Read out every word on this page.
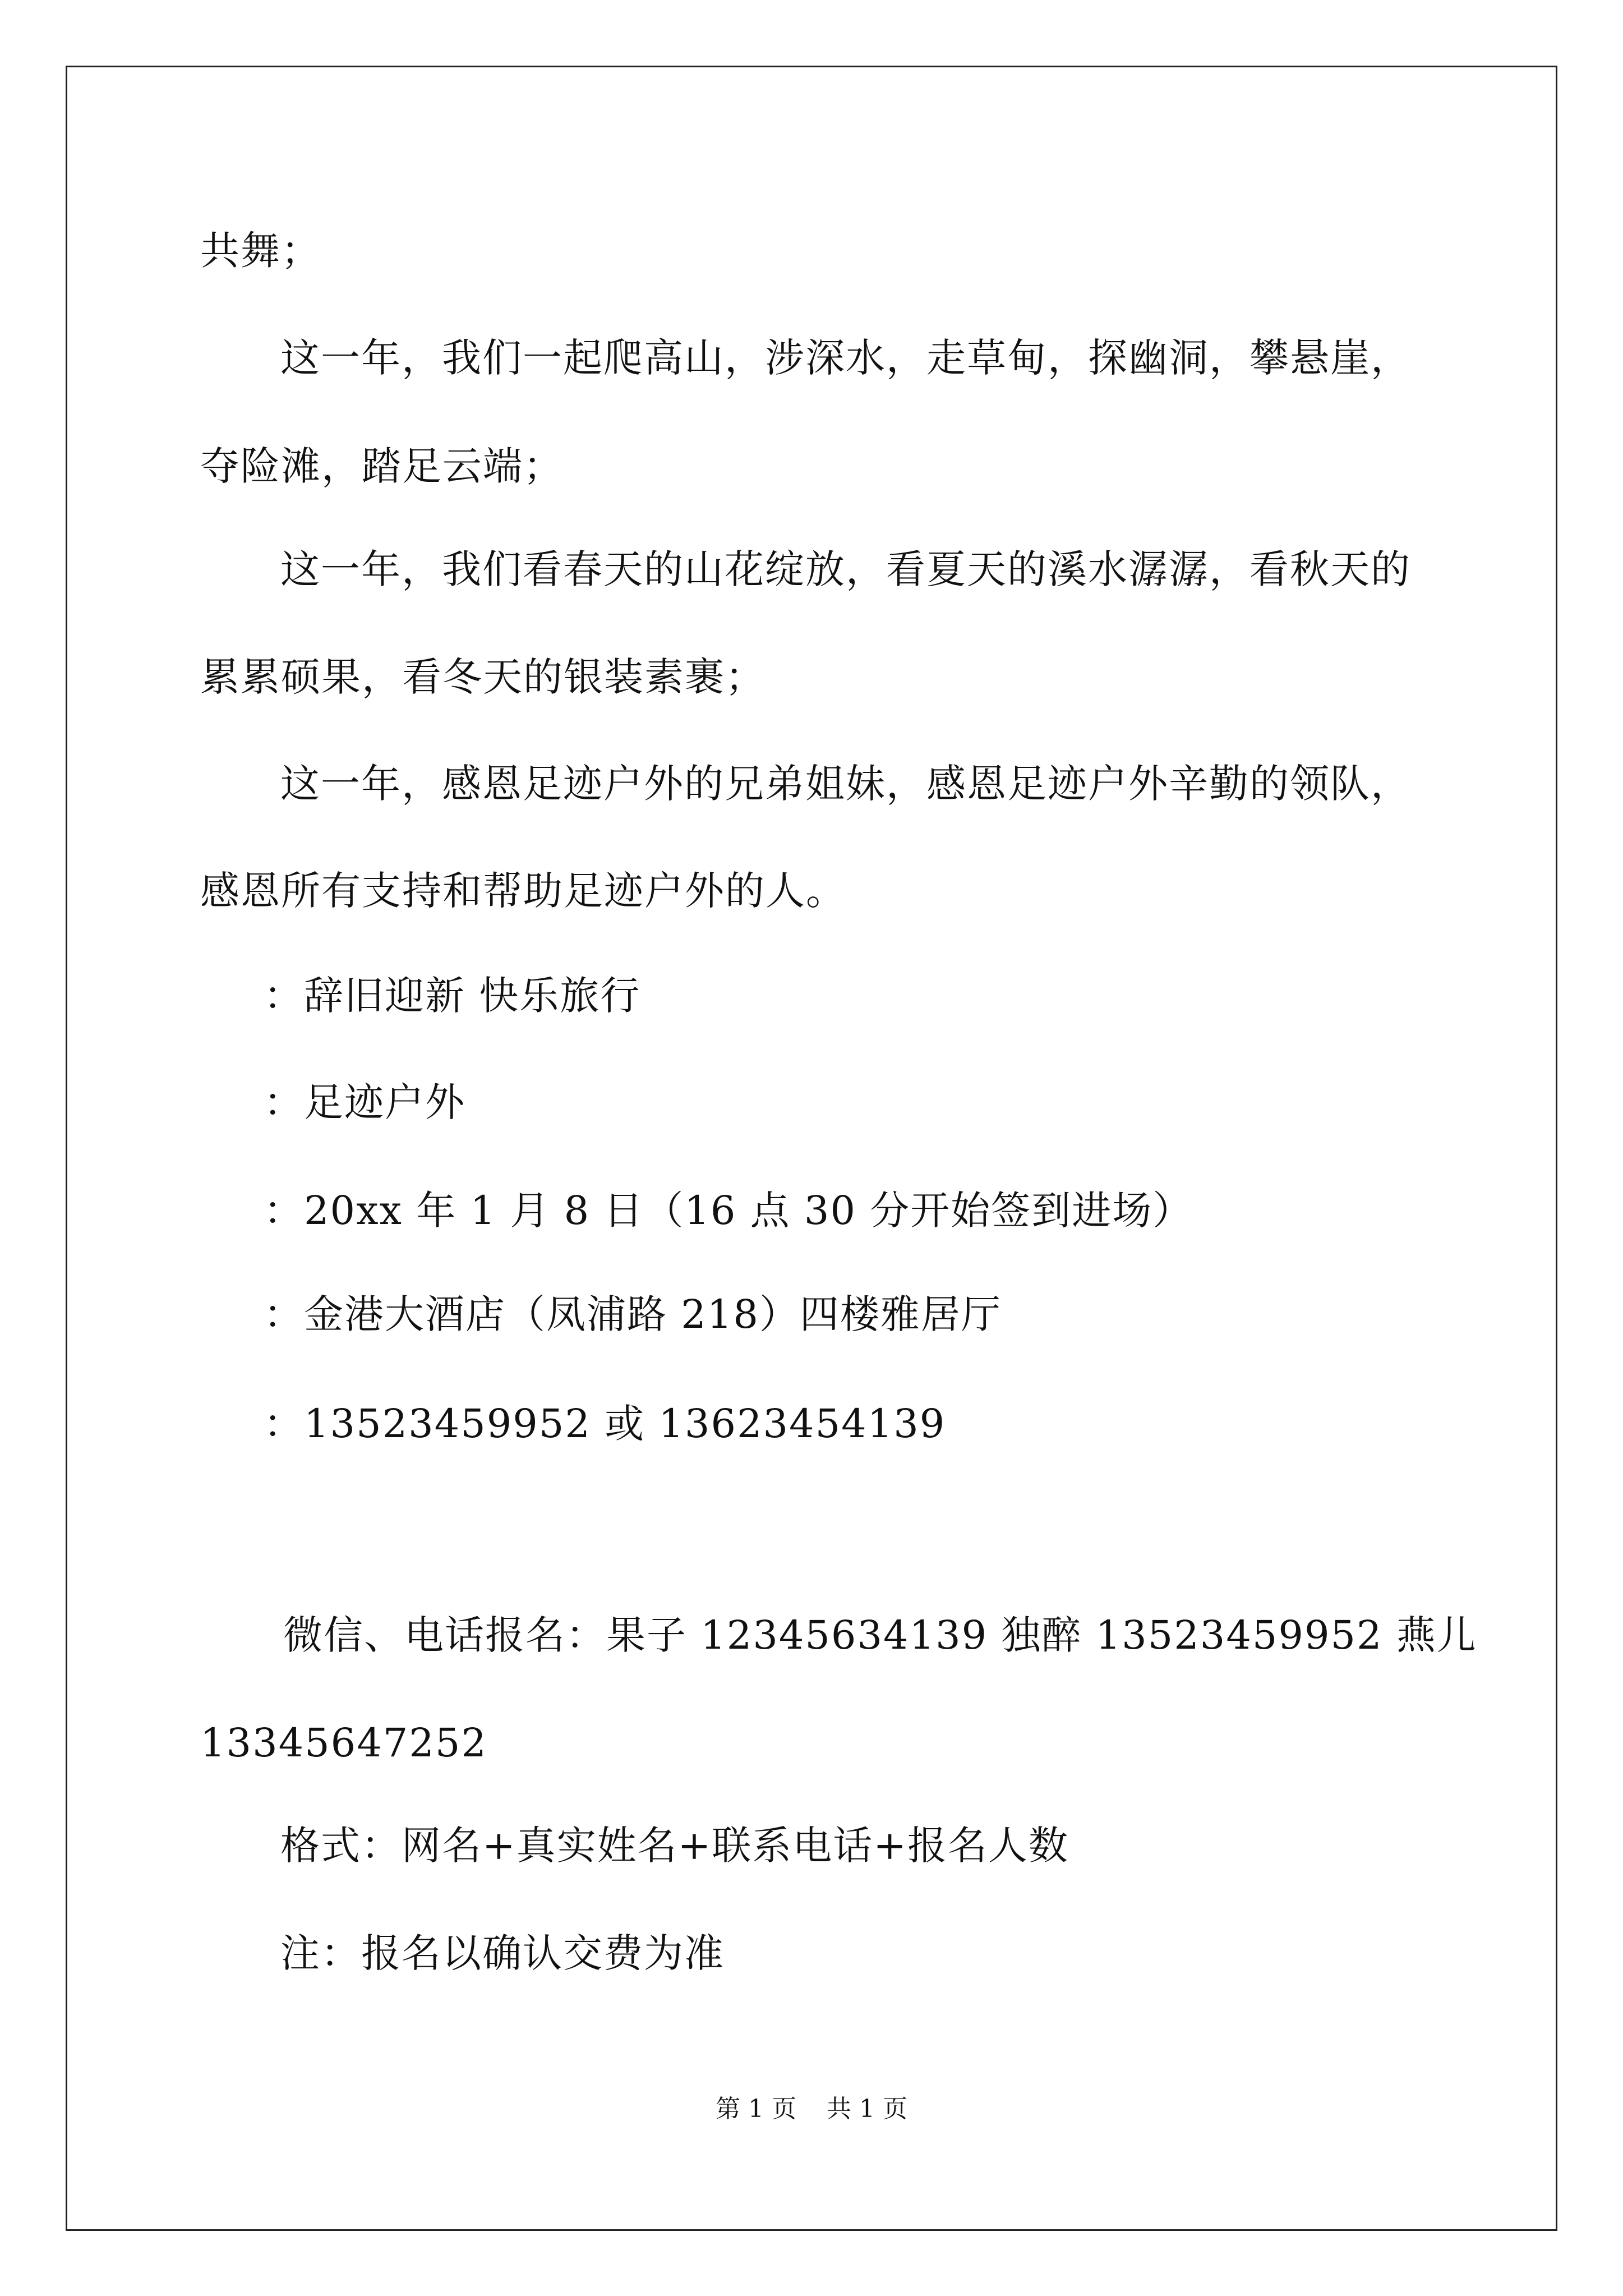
共舞；
这一年，我们一起爬高山，涉深水，走草甸，探幽洞，攀悬崖，
夺险滩，踏足云端；
这一年，我们看春天的山花绽放，看夏天的溪水潺潺，看秋天的
累累硕果，看冬天的银装素裹；
这一年，感恩足迹户外的兄弟姐妹，感恩足迹户外辛勤的领队，
感恩所有支持和帮助足迹户外的人。
：辞旧迎新 快乐旅行
：足迹户外
：20xx 年 1 月 8 日（16 点 30 分开始签到进场）
：金港大酒店（凤浦路 218）四楼雅居厅
：13523459952 或 13623454139
微信、电话报名：果子 12345634139 独醉 13523459952 燕儿
13345647252
格式：网名+真实姓名+联系电话+报名人数
注：报名以确认交费为准
第 1 页 共 1 页
